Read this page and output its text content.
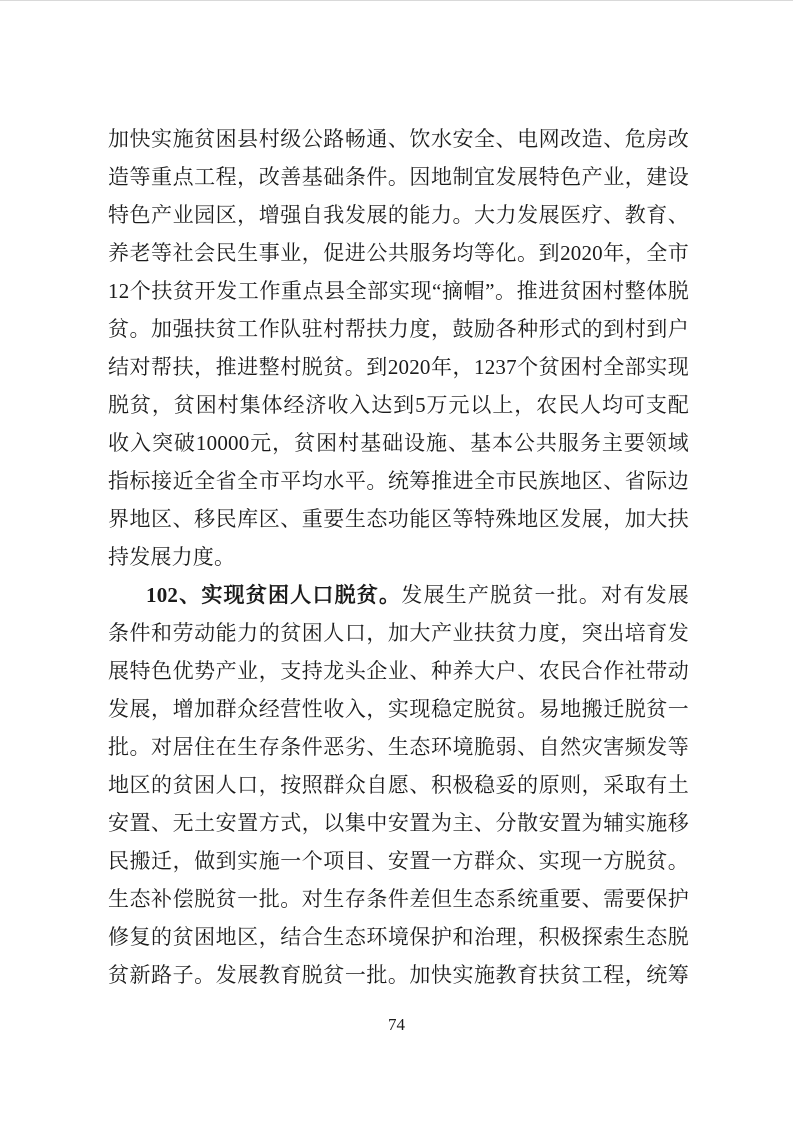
加快实施贫困县村级公路畅通、饮水安全、电网改造、危房改
造等重点工程，改善基础条件。因地制宜发展特色产业，建设
特色产业园区，增强自我发展的能力。大力发展医疗、教育、
养老等社会民生事业，促进公共服务均等化。到2020年，全市
12个扶贫开发工作重点县全部实现“摘帽”。推进贫困村整体脱
贫。加强扶贫工作队驻村帮扶力度，鼓励各种形式的到村到户
结对帮扶，推进整村脱贫。到2020年，1237个贫困村全部实现
脱贫，贫困村集体经济收入达到5万元以上，农民人均可支配
收入突破10000元，贫困村基础设施、基本公共服务主要领域
指标接近全省全市平均水平。统筹推进全市民族地区、省际边
界地区、移民库区、重要生态功能区等特殊地区发展，加大扶
持发展力度。
102、实现贫困人口脱贫。发展生产脱贫一批。对有发展
条件和劳动能力的贫困人口，加大产业扶贫力度，突出培育发
展特色优势产业，支持龙头企业、种养大户、农民合作社带动
发展，增加群众经营性收入，实现稳定脱贫。易地搬迁脱贫一
批。对居住在生存条件恶劣、生态环境脆弱、自然灾害频发等
地区的贫困人口，按照群众自愿、积极稳妥的原则，采取有土
安置、无土安置方式，以集中安置为主、分散安置为辅实施移
民搬迁，做到实施一个项目、安置一方群众、实现一方脱贫。
生态补偿脱贫一批。对生存条件差但生态系统重要、需要保护
修复的贫困地区，结合生态环境保护和治理，积极探索生态脱
贫新路子。发展教育脱贫一批。加快实施教育扶贫工程，统筹
74
